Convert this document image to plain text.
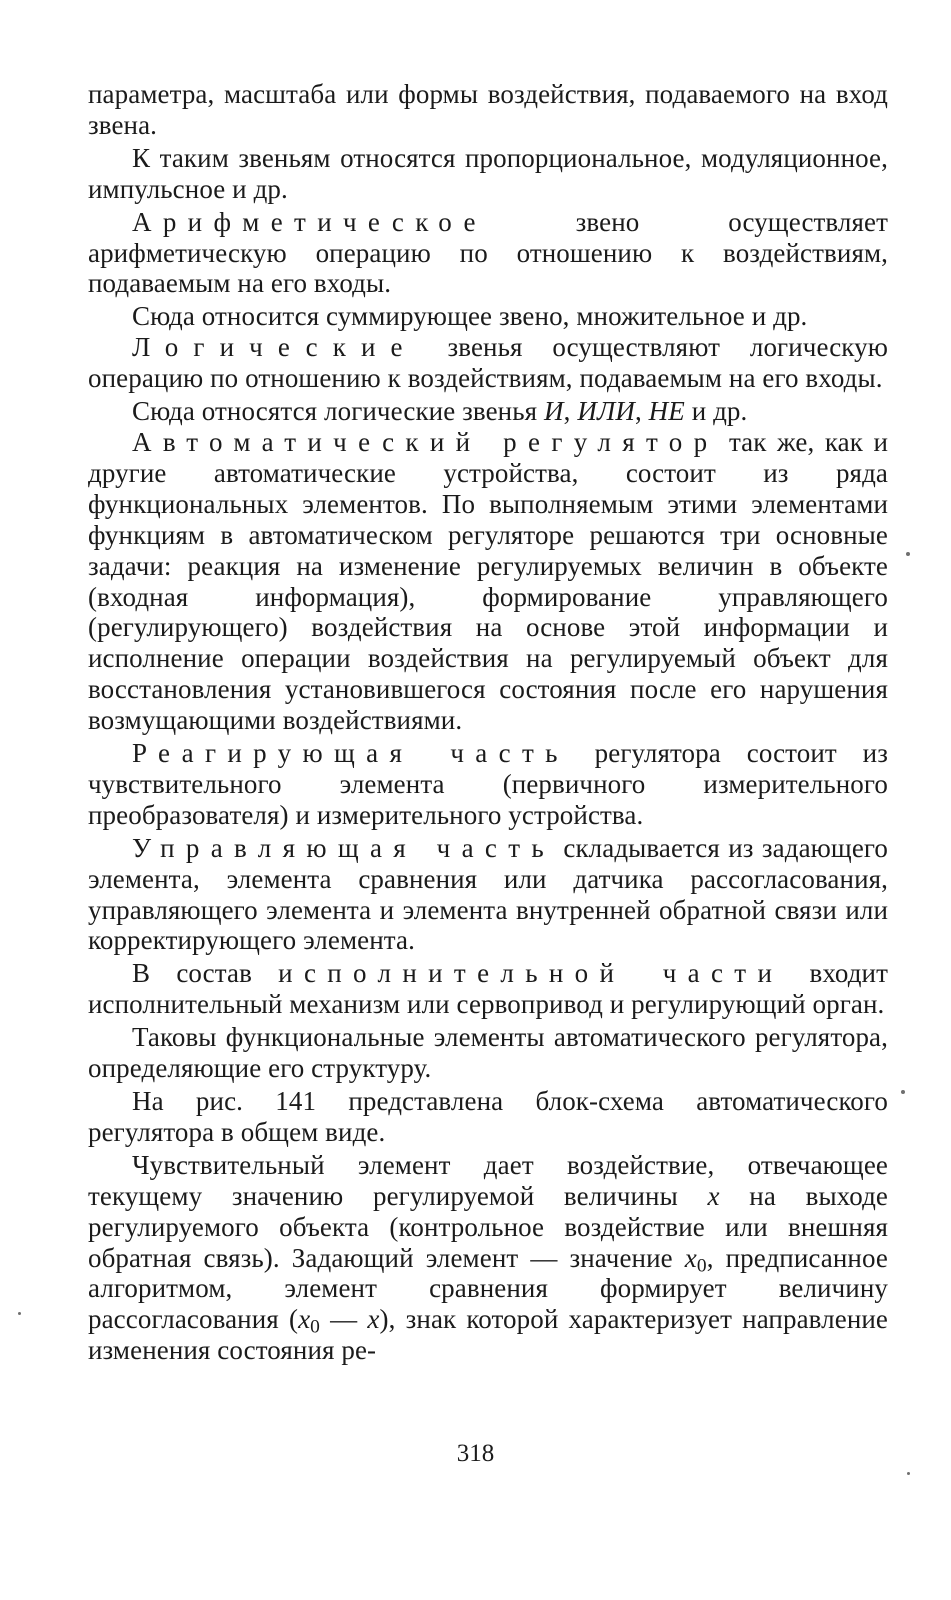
параметра, масштаба или формы воздействия, подаваемого на вход звена.

К таким звеньям относятся пропорциональное, модуляционное, импульсное и др.

Арифметическое звено осуществляет арифметическую операцию по отношению к воздействиям, подаваемым на его входы.

Сюда относится суммирующее звено, множительное и др.

Логические звенья осуществляют логическую операцию по отношению к воздействиям, подаваемым на его входы.

Сюда относятся логические звенья И, ИЛИ, НЕ и др.

Автоматический регулятор так же, как и другие автоматические устройства, состоит из ряда функциональных элементов. По выполняемым этими элементами функциям в автоматическом регуляторе решаются три основные задачи: реакция на изменение регулируемых величин в объекте (входная информация), формирование управляющего (регулирующего) воздействия на основе этой информации и исполнение операции воздействия на регулируемый объект для восстановления установившегося состояния после его нарушения возмущающими воздействиями.

Реагирующая часть регулятора состоит из чувствительного элемента (первичного измерительного преобразователя) и измерительного устройства.

Управляющая часть складывается из задающего элемента, элемента сравнения или датчика рассогласования, управляющего элемента и элемента внутренней обратной связи или корректирующего элемента.

В состав исполнительной части входит исполнительный механизм или сервопривод и регулирующий орган.

Таковы функциональные элементы автоматического регулятора, определяющие его структуру.

На рис. 141 представлена блок-схема автоматического регулятора в общем виде.

Чувствительный элемент дает воздействие, отвечающее текущему значению регулируемой величины x на выходе регулируемого объекта (контрольное воздействие или внешняя обратная связь). Задающий элемент — значение $x_0$, предписанное алгоритмом, элемент сравнения формирует величину рассогласования ($x_0$ — x), знак которой характеризует направление изменения состояния ре-

318
